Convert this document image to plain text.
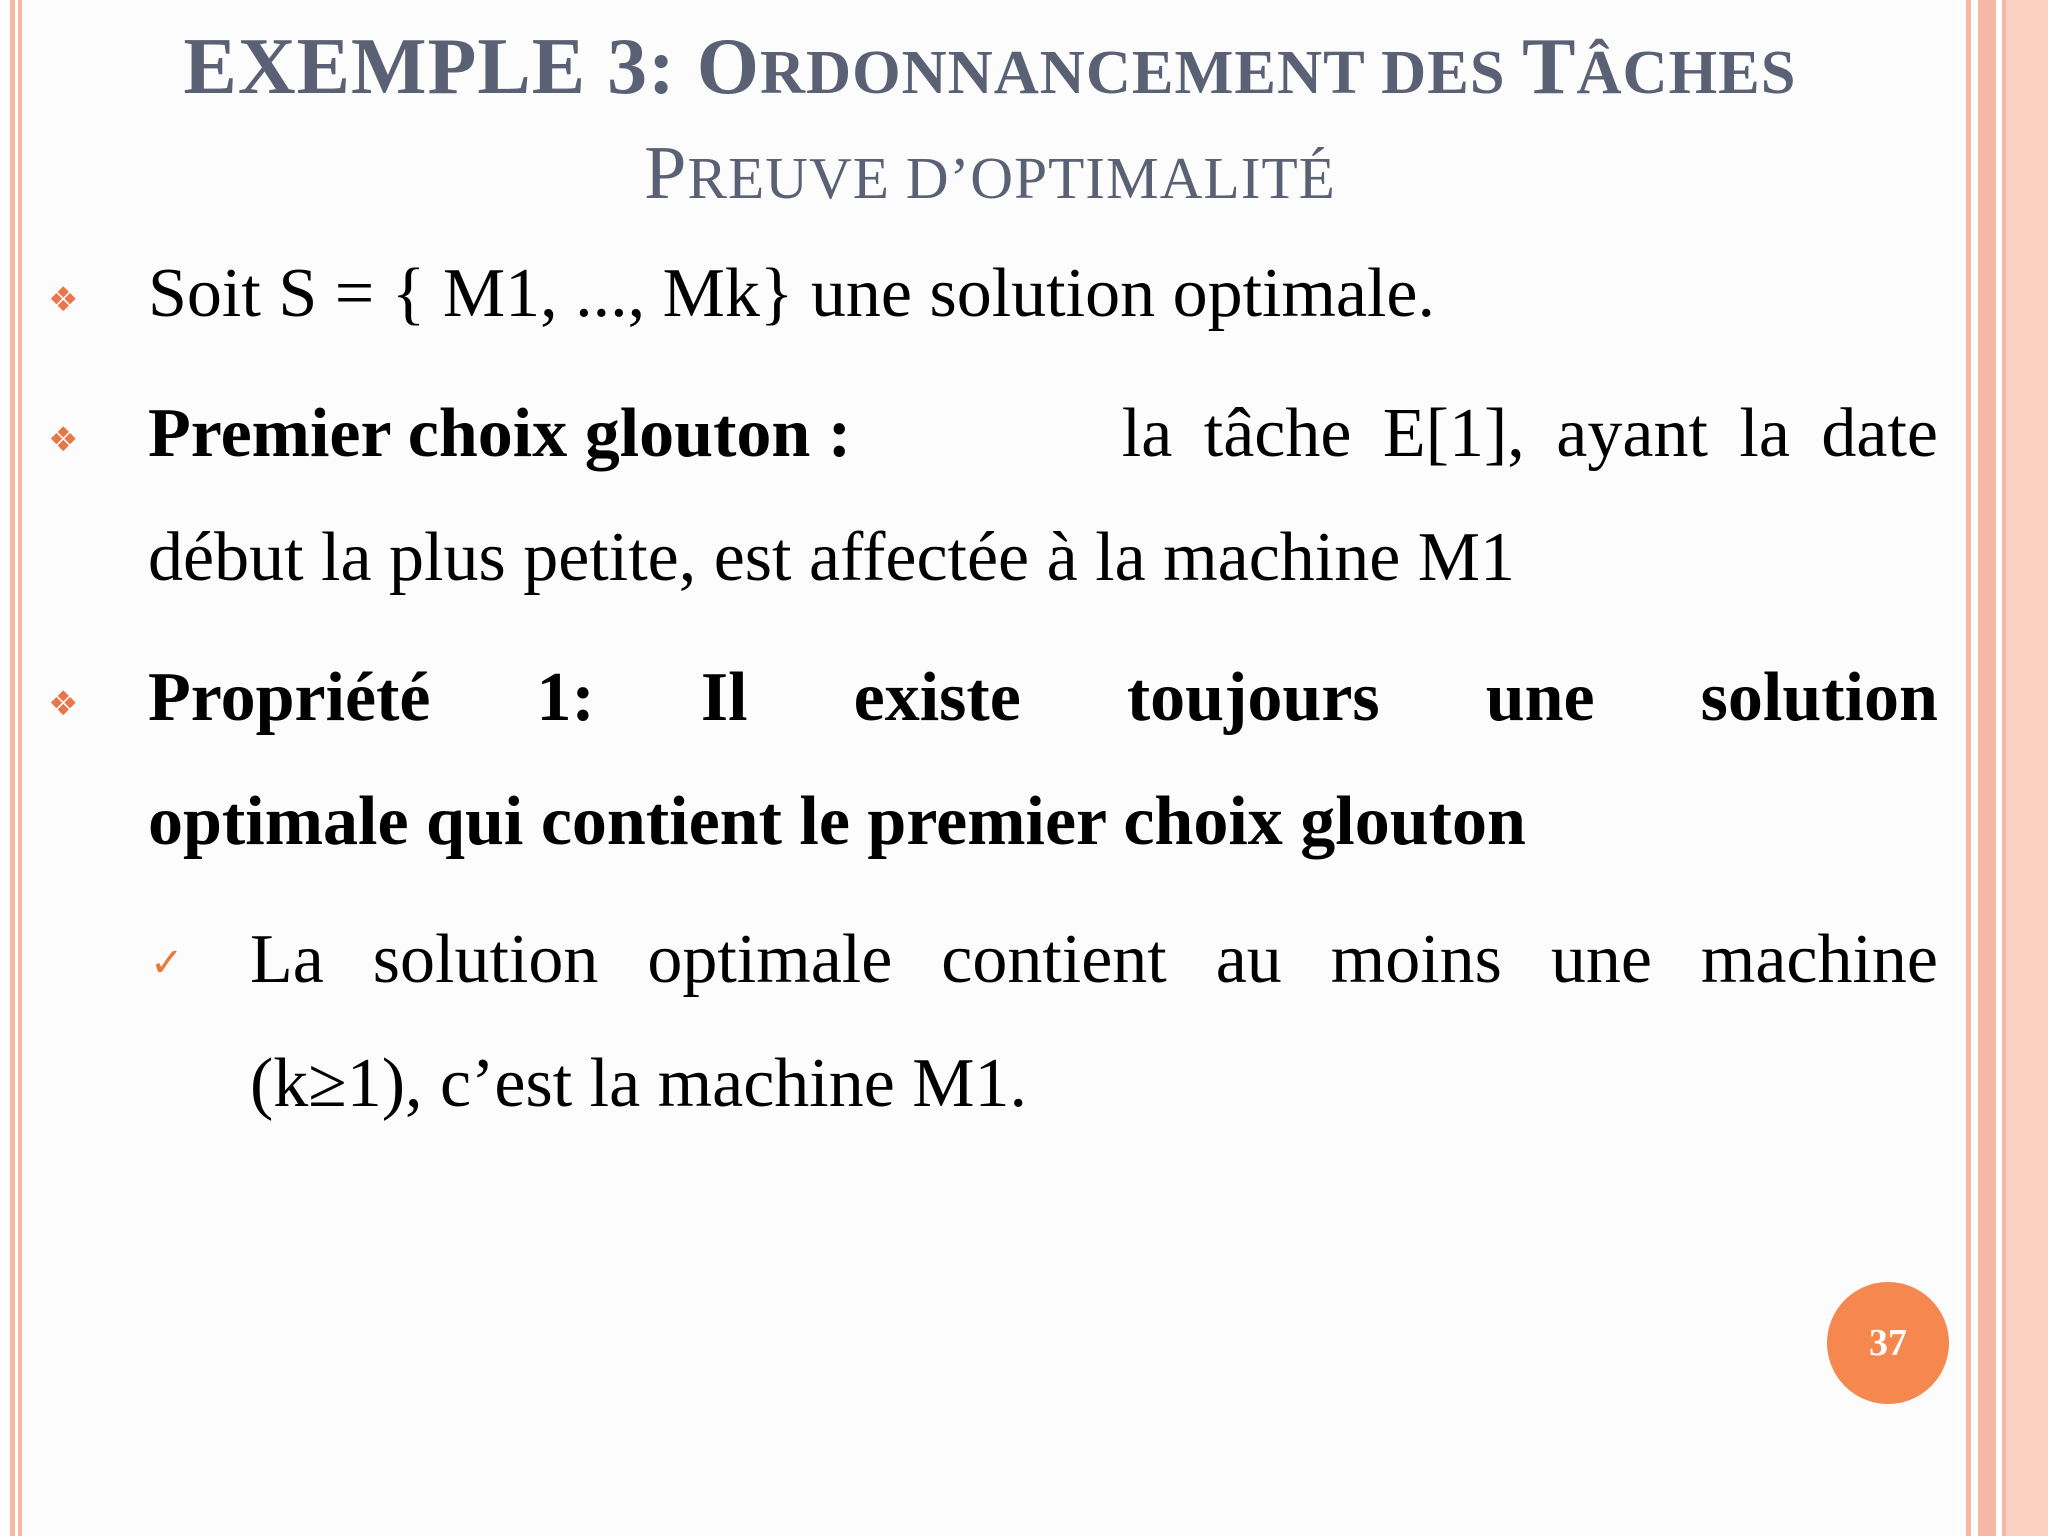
EXEMPLE 3: ORDONNANCEMENT DES TÂCHES
PREUVE D’OPTIMALITÉ
❖ Soit S = { M1, ..., Mk} une solution optimale.
❖ Premier choix glouton :	la tâche E[1], ayant la date
début la plus petite, est affectée à la machine M1
❖ Propriété 1: Il existe toujours une solution
optimale qui contient le premier choix glouton
✓ La solution optimale contient au moins une machine
(k≥1), c’est la machine M1.
37
